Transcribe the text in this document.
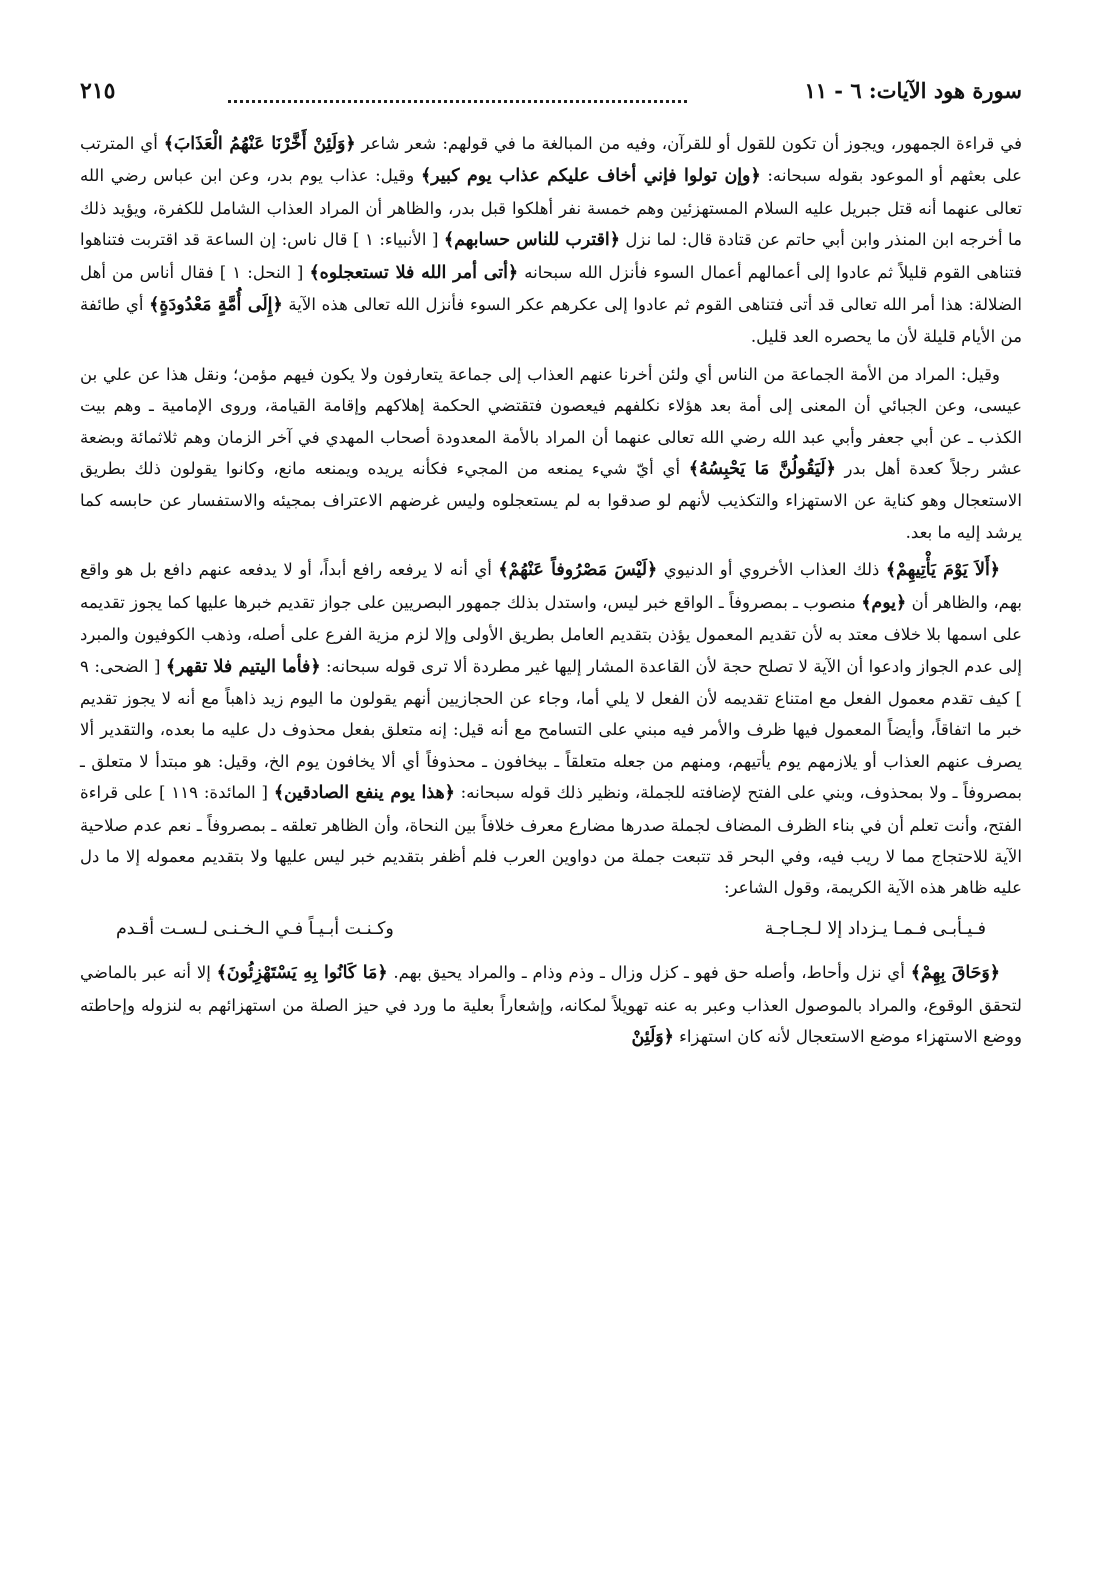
سورة هود الآيات: ٦ - ١١
٢١٥

في قراءة الجمهور، ويجوز أن تكون للقول أو للقرآن، وفيه من المبالغة ما في قولهم: شعر شاعر ﴿وَلَئِنْ أَخَّرْنَا عَنْهُمُ الْعَذَابَ﴾ أي المترتب على بعثهم أو الموعود بقوله سبحانه: ﴿وإن تولوا فإني أخاف عليكم عذاب يوم كبير﴾ وقيل: عذاب يوم بدر، وعن ابن عباس رضي الله تعالى عنهما أنه قتل جبريل عليه السلام المستهزئين وهم خمسة نفر أهلكوا قبل بدر، والظاهر أن المراد العذاب الشامل للكفرة، ويؤيد ذلك ما أخرجه ابن المنذر وابن أبي حاتم عن قتادة قال: لما نزل ﴿اقترب للناس حسابهم﴾ [ الأنبياء: ١ ] قال ناس: إن الساعة قد اقتربت فتناهوا فتناهى القوم قليلاً ثم عادوا إلى أعمالهم أعمال السوء فأنزل الله سبحانه ﴿أتى أمر الله فلا تستعجلوه﴾ [ النحل: ١ ] فقال أناس من أهل الضلالة: هذا أمر الله تعالى قد أتى فتناهى القوم ثم عادوا إلى عكرهم عكر السوء فأنزل الله تعالى هذه الآية ﴿إِلَى أُمَّةٍ مَعْدُودَةٍ﴾ أي طائفة من الأيام قليلة لأن ما يحصره العد قليل.

وقيل: المراد من الأمة الجماعة من الناس أي ولئن أخرنا عنهم العذاب إلى جماعة يتعارفون ولا يكون فيهم مؤمن؛ ونقل هذا عن علي بن عيسى، وعن الجبائي أن المعنى إلى أمة بعد هؤلاء نكلفهم فيعصون فتقتضي الحكمة إهلاكهم وإقامة القيامة، وروى الإمامية ـ وهم بيت الكذب ـ عن أبي جعفر وأبي عبد الله رضي الله تعالى عنهما أن المراد بالأمة المعدودة أصحاب المهدي في آخر الزمان وهم ثلاثمائة وبضعة عشر رجلاً كعدة أهل بدر ﴿لَيَقُولُنَّ مَا يَحْبِسُهُ﴾ أي أيّ شيء يمنعه من المجيء فكأنه يريده ويمنعه مانع، وكانوا يقولون ذلك بطريق الاستعجال وهو كناية عن الاستهزاء والتكذيب لأنهم لو صدقوا به لم يستعجلوه وليس غرضهم الاعتراف بمجيئه والاستفسار عن حابسه كما يرشد إليه ما بعد.

﴿أَلاَ يَوْمَ يَأْتِيهِمْ﴾ ذلك العذاب الأخروي أو الدنيوي ﴿لَيْسَ مَصْرُوفاً عَنْهُمْ﴾ أي أنه لا يرفعه رافع أبداً، أو لا يدفعه عنهم دافع بل هو واقع بهم، والظاهر أن ﴿يوم﴾ منصوب ـ بمصروفاً ـ الواقع خبر ليس، واستدل بذلك جمهور البصريين على جواز تقديم خبرها عليها كما يجوز تقديمه على اسمها بلا خلاف معتد به لأن تقديم المعمول يؤذن بتقديم العامل بطريق الأولى وإلا لزم مزية الفرع على أصله، وذهب الكوفيون والمبرد إلى عدم الجواز وادعوا أن الآية لا تصلح حجة لأن القاعدة المشار إليها غير مطردة ألا ترى قوله سبحانه: ﴿فأما اليتيم فلا تقهر﴾ [ الضحى: ٩ ] كيف تقدم معمول الفعل مع امتناع تقديمه لأن الفعل لا يلي أما، وجاء عن الحجازيين أنهم يقولون ما اليوم زيد ذاهباً مع أنه لا يجوز تقديم خبر ما اتفاقاً، وأيضاً المعمول فيها ظرف والأمر فيه مبني على التسامح مع أنه قيل: إنه متعلق بفعل محذوف دل عليه ما بعده، والتقدير ألا يصرف عنهم العذاب أو يلازمهم يوم يأتيهم، ومنهم من جعله متعلقاً ـ بيخافون ـ محذوفاً أي ألا يخافون يوم الخ، وقيل: هو مبتدأ لا متعلق ـ بمصروفاً ـ ولا بمحذوف، وبني على الفتح لإضافته للجملة، ونظير ذلك قوله سبحانه: ﴿هذا يوم ينفع الصادقين﴾ [ المائدة: ١١٩ ] على قراءة الفتح، وأنت تعلم أن في بناء الظرف المضاف لجملة صدرها مضارع معرف خلافاً بين النحاة، وأن الظاهر تعلقه ـ بمصروفاً ـ نعم عدم صلاحية الآية للاحتجاج مما لا ريب فيه، وفي البحر قد تتبعت جملة من دواوين العرب فلم أظفر بتقديم خبر ليس عليها ولا بتقديم معموله إلا ما دل عليه ظاهر هذه الآية الكريمة، وقول الشاعر:

فـيـأبـى فـمـا يـزداد إلا لـجـاجـة
وكـنـت أبـيـاً فـي الـخـنـى لـسـت أقـدم

﴿وَحَاقَ بِهِمْ﴾ أي نزل وأحاط، وأصله حق فهو ـ كزل وزال ـ وذم وذام ـ والمراد يحيق بهم. ﴿مَا كَانُوا بِهِ يَسْتَهْزِئُونَ﴾ إلا أنه عبر بالماضي لتحقق الوقوع، والمراد بالموصول العذاب وعبر به عنه تهويلاً لمكانه، وإشعاراً بعلية ما ورد في حيز الصلة من استهزائهم به لنزوله وإحاطته ووضع الاستهزاء موضع الاستعجال لأنه كان استهزاء ﴿وَلَئِنْ
